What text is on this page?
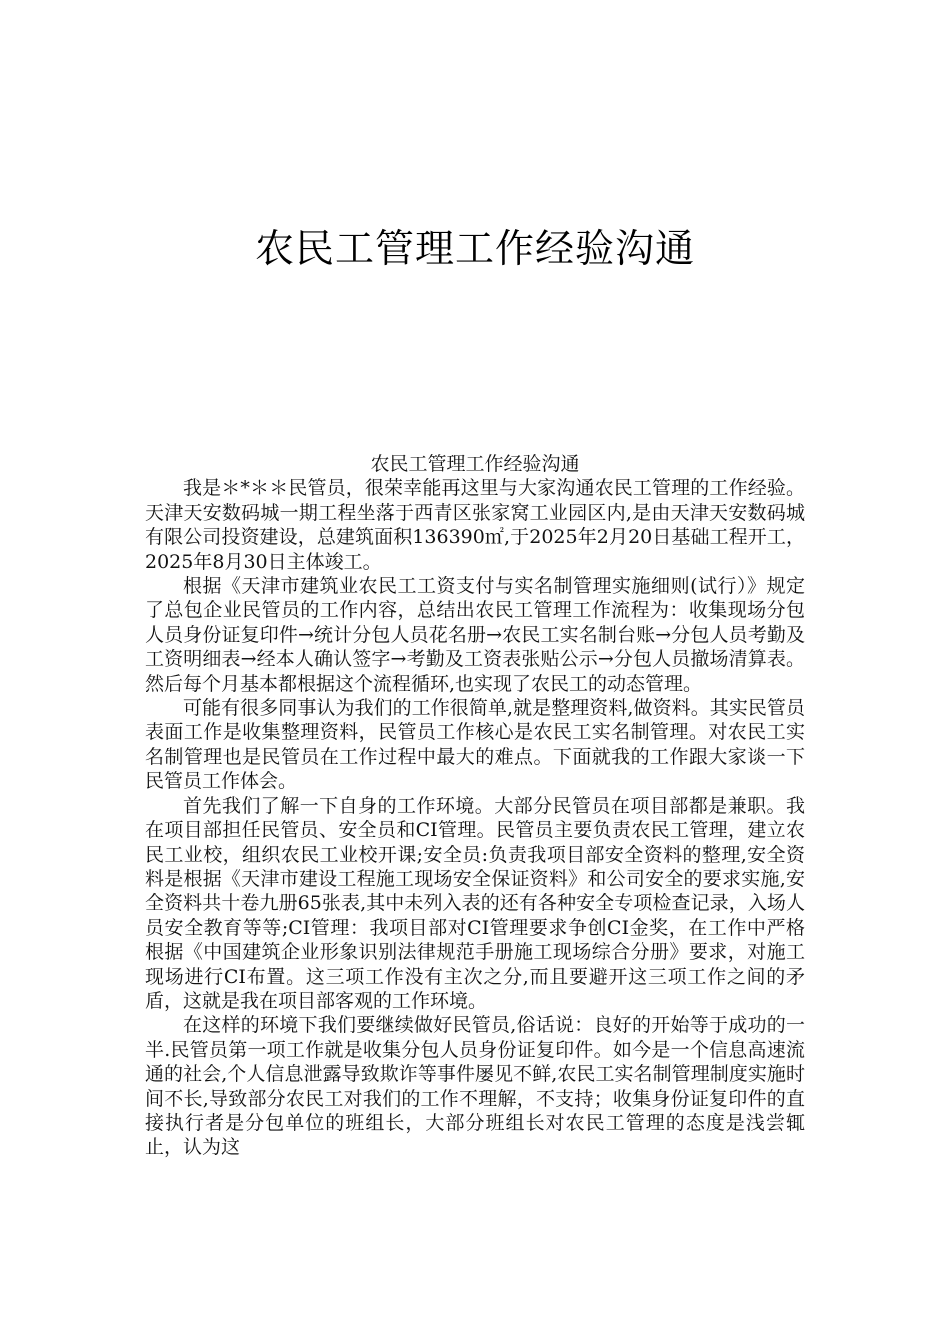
农民工管理工作经验沟通
农民工管理工作经验沟通

我是＊*＊＊民管员，很荣幸能再这里与大家沟通农民工管理的工作经验。天津天安数码城一期工程坐落于西青区张家窝工业园区内,是由天津天安数码城有限公司投资建设，总建筑面积136390㎡,于2025年2月20日基础工程开工，2025年8月30日主体竣工。

根据《天津市建筑业农民工工资支付与实名制管理实施细则(试行）》规定了总包企业民管员的工作内容，总结出农民工管理工作流程为：收集现场分包人员身份证复印件→统计分包人员花名册→农民工实名制台账→分包人员考勤及工资明细表→经本人确认签字→考勤及工资表张贴公示→分包人员撤场清算表。然后每个月基本都根据这个流程循环,也实现了农民工的动态管理。

可能有很多同事认为我们的工作很简单,就是整理资料,做资料。其实民管员表面工作是收集整理资料，民管员工作核心是农民工实名制管理。对农民工实名制管理也是民管员在工作过程中最大的难点。下面就我的工作跟大家谈一下民管员工作体会。

首先我们了解一下自身的工作环境。大部分民管员在项目部都是兼职。我在项目部担任民管员、安全员和CI管理。民管员主要负责农民工管理，建立农民工业校，组织农民工业校开课;安全员:负责我项目部安全资料的整理,安全资料是根据《天津市建设工程施工现场安全保证资料》和公司安全的要求实施,安全资料共十卷九册65张表,其中未列入表的还有各种安全专项检查记录，入场人员安全教育等等;CI管理：我项目部对CI管理要求争创CI金奖，在工作中严格根据《中国建筑企业形象识别法律规范手册施工现场综合分册》要求，对施工现场进行CI布置。这三项工作没有主次之分,而且要避开这三项工作之间的矛盾，这就是我在项目部客观的工作环境。

在这样的环境下我们要继续做好民管员,俗话说：良好的开始等于成功的一半.民管员第一项工作就是收集分包人员身份证复印件。如今是一个信息高速流通的社会,个人信息泄露导致欺诈等事件屡见不鲜,农民工实名制管理制度实施时间不长,导致部分农民工对我们的工作不理解，不支持；收集身份证复印件的直接执行者是分包单位的班组长，大部分班组长对农民工管理的态度是浅尝辄止，认为这
